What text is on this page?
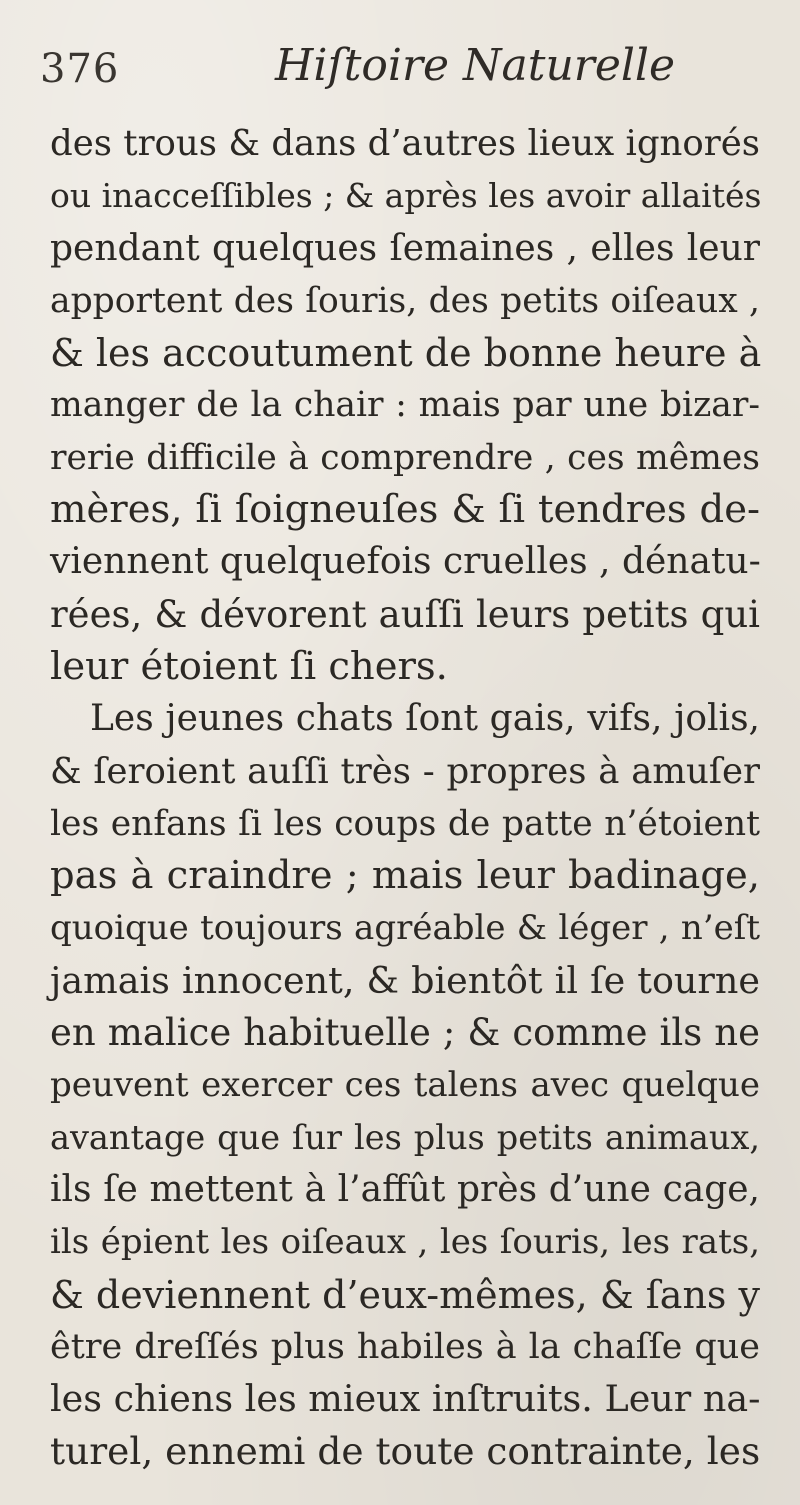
376	Hiſtoire Naturelle
des trous & dans d’autres lieux ignorés
ou inacceſſibles ; & après les avoir allaités
pendant quelques ſemaines , elles leur
apportent des ſouris, des petits oiſeaux ,
& les accoutument de bonne heure à
manger de la chair : mais par une bizar-
rerie difficile à comprendre , ces mêmes
mères, ſi ſoigneuſes & ſi tendres de-
viennent quelquefois cruelles , dénatu-
rées, & dévorent auſſi leurs petits qui
leur étoient ſi chers.
Les jeunes chats ſont gais, vifs, jolis,
& ſeroient auſſi très - propres à amuſer
les enfans ſi les coups de patte n’étoient
pas à craindre ; mais leur badinage,
quoique toujours agréable & léger , n’eſt
jamais innocent, & bientôt il ſe tourne
en malice habituelle ; & comme ils ne
peuvent exercer ces talens avec quelque
avantage que ſur les plus petits animaux,
ils ſe mettent à l’affût près d’une cage,
ils épient les oiſeaux , les ſouris, les rats,
& deviennent d’eux-mêmes, & ſans y
être dreſſés plus habiles à la chaſſe que
les chiens les mieux inſtruits. Leur na-
turel, ennemi de toute contrainte, les
